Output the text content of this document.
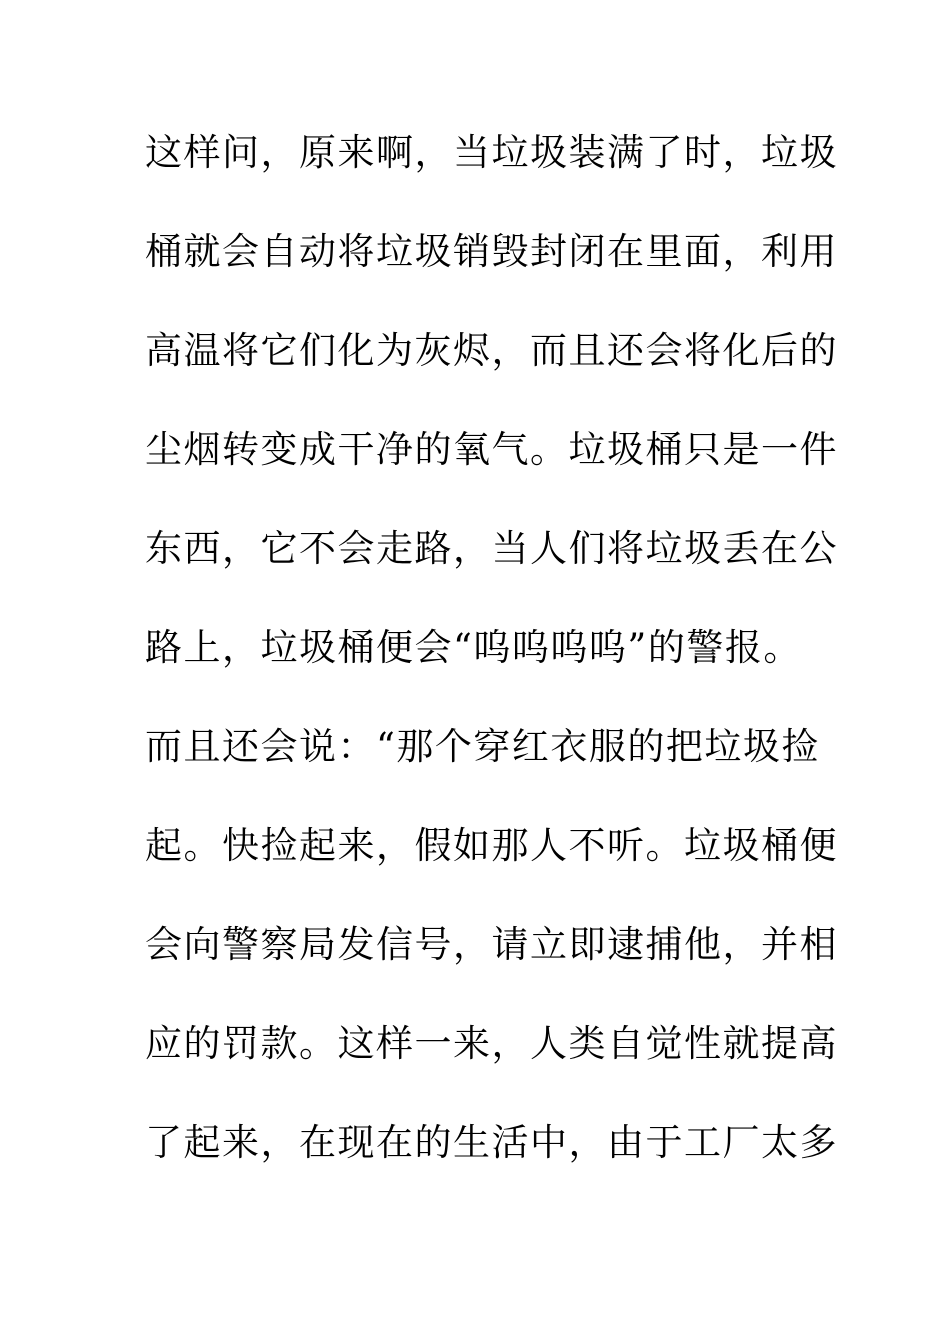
这样问，原来啊，当垃圾装满了时，垃圾
桶就会自动将垃圾销毁封闭在里面，利用
高温将它们化为灰烬，而且还会将化后的
尘烟转变成干净的氧气。垃圾桶只是一件
东西，它不会走路，当人们将垃圾丢在公
路上，垃圾桶便会“呜呜呜呜”的警报。
而且还会说：“那个穿红衣服的把垃圾捡
起。快捡起来，假如那人不听。垃圾桶便
会向警察局发信号，请立即逮捕他，并相
应的罚款。这样一来，人类自觉性就提高
了起来，在现在的生活中，由于工厂太多
